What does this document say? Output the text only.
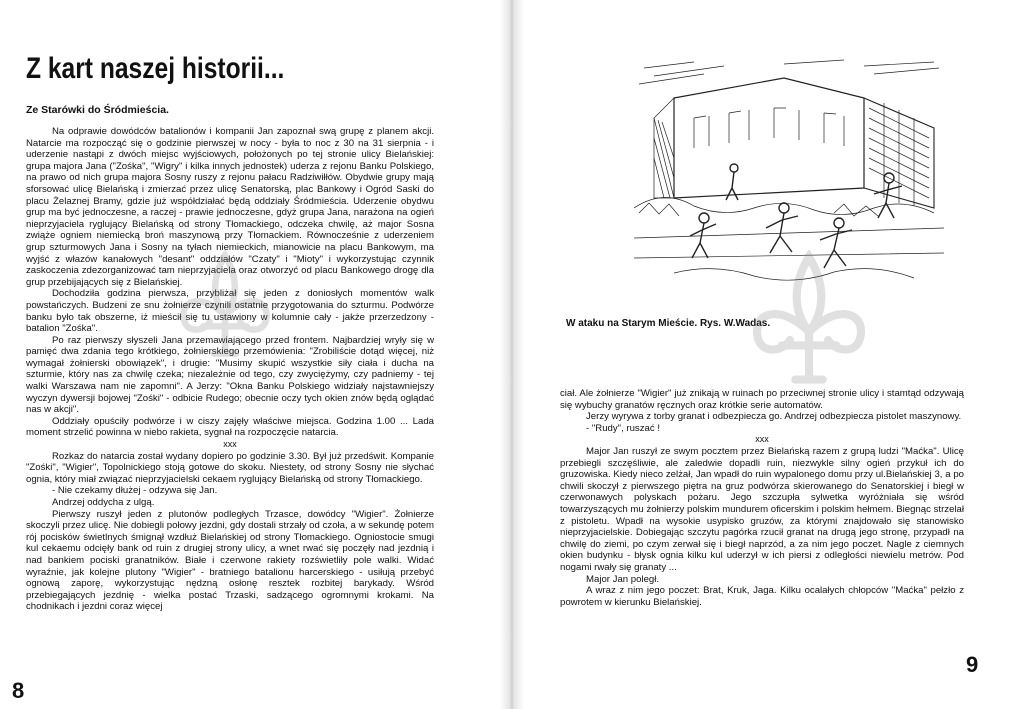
Z kart naszej historii...
Ze Starówki do Śródmieścia.

Na odprawie dowódców batalionów i kompanii Jan zapoznał swą grupę z planem akcji. Natarcie ma rozpocząć się o godzinie pierwszej w nocy - była to noc z 30 na 31 sierpnia - i uderzenie nastąpi z dwóch miejsc wyjściowych, położonych po tej stronie ulicy Bielańskiej: grupa majora Jana ("Zośka", "Wigry" i kilka innych jednostek) uderza z rejonu Banku Polskiego, na prawo od nich grupa majora Sosny ruszy z rejonu pałacu Radziwiłłów. Obydwie grupy mają sforsować ulicę Bielańską i zmierzać przez ulicę Senatorską, plac Bankowy i Ogród Saski do placu Żelaznej Bramy, gdzie już współdziałać będą oddziały Śródmieścia. Uderzenie obydwu grup ma być jednoczesne, a raczej - prawie jednoczesne, gdyż grupa Jana, narażona na ogień nieprzyjaciela ryglujący Bielańską od strony Tłomackiego, odczeka chwilę, aż major Sosna zwiąże ogniem niemiecką broń maszynową przy Tłomackiem. Równocześnie z uderzeniem grup szturmowych Jana i Sosny na tyłach niemieckich, mianowicie na placu Bankowym, ma wyjść z włazów kanałowych "desant" oddziałów "Czaty" i "Mioty" i wykorzystując czynnik zaskoczenia zdezorganizować tam nieprzyjaciela oraz otworzyć od placu Bankowego drogę dla grup przebijających się z Bielańskiej.

Dochodziła godzina pierwsza, przybliżał się jeden z doniosłych momentów walk powstańczych. Budzeni ze snu żołnierze czynili ostatnie przygotowania do szturmu. Podwórze banku było tak obszerne, iż mieścił się tu ustawiony w kolumnie cały - jakże przerzedzony - batalion "Zośka".

Po raz pierwszy słyszeli Jana przemawiającego przed frontem. Najbardziej wryły się w pamięć dwa zdania tego krótkiego, żołnierskiego przemówienia: "Zrobiliście dotąd więcej, niż wymagał żołnierski obowiązek", i drugie: "Musimy skupić wszystkie siły ciała i ducha na szturmie, który nas za chwilę czeka; niezależnie od tego, czy zwyciężymy, czy padniemy - tej walki Warszawa nam nie zapomni". A Jerzy: "Okna Banku Polskiego widziały najstawniejszy wyczyn dywersji bojowej "Zośki" - odbicie Rudego; obecnie oczy tych okien znów będą oglądać nas w akcji".

Oddziały opuściły podwórze i w ciszy zajęły właściwe miejsca. Godzina 1.00 ... Lada moment strzelić powinna w niebo rakieta, sygnał na rozpoczęcie natarcia.

xxx

Rozkaz do natarcia został wydany dopiero po godzinie 3.30. Był już przedświt. Kompanie "Zośki", "Wigier", Topolnickiego stoją gotowe do skoku. Niestety, od strony Sosny nie słychać ognia, który miał związać nieprzyjacielski cekaem ryglujący Bielańską od strony Tłomackiego.

- Nie czekamy dłużej - odzywa się Jan.

Andrzej oddycha z ulgą.

Pierwszy ruszył jeden z plutonów podległych Trzasce, dowódcy "Wigier". Żołnierze skoczyli przez ulicę. Nie dobiegli połowy jezdni, gdy dostali strzały od czoła, a w sekundę potem rój pocisków świetlnych śmignął wzdłuż Bielańskiej od strony Tłomackiego. Ogniostocie smugi kul cekaemu odcięły bank od ruin z drugiej strony ulicy, a wnet rwać się poczęły nad jezdnią i nad bankiem pociski granatników. Białe i czerwone rakiety rozświetliły pole walki. Widać wyraźnie, jak kolejne plutony "Wigier" - bratniego batalionu harcerskiego - usiłują przebyć ognową zaporę, wykorzystując nędzną osłonę resztek rozbitej barykady. Wśród przebiegających jezdnię - wielka postać Trzaski, sadzącego ogromnymi krokami. Na chodnikach i jezdni coraz więcej

8
W ataku na Starym Mieście. Rys. W.Wadas.

ciał. Ale żołnierze "Wigier" już znikają w ruinach po przeciwnej stronie ulicy i stamtąd odzywają się wybuchy granatów ręcznych oraz krótkie serie automatów.

Jerzy wyrywa z torby granat i odbezpiecza go. Andrzej odbezpiecza pistolet maszynowy.

- "Rudy", ruszać !

xxx

Major Jan ruszył ze swym pocztem przez Bielańską razem z grupą ludzi "Maćka". Ulicę przebiegli szczęśliwie, ale zaledwie dopadli ruin, niezwykle silny ogień przykuł ich do gruzowiska. Kiedy nieco zelżał, Jan wpadł do ruin wypalonego domu przy ul.Bielańskiej 3, a po chwili skoczył z pierwszego piętra na gruz podwórza skierowanego do Senatorskiej i biegł w czerwonawych polyskach pożaru. Jego szczupła sylwetka wyróżniała się wśród towarzyszących mu żołnierzy polskim mundurem oficerskim i polskim hełmem. Biegnąc strzelał z pistoletu. Wpadł na wysokie usypisko gruzów, za którymi znajdowało się stanowisko nieprzyjacielskie. Dobiegając szczytu pagórka rzucił granat na drugą jego stronę, przypadł na chwilę do ziemi, po czym zerwał się i biegł naprzód, a za nim jego poczet. Nagle z ciemnych okien budynku - błysk ognia kilku kul uderzył w ich piersi z odległości niewielu metrów. Pod nogami rwały się granaty ...

Major Jan poległ.

A wraz z nim jego poczet: Brat, Kruk, Jaga. Kilku ocalałych chłopców "Maćka" pełzło z powrotem w kierunku Bielańskiej.

9
